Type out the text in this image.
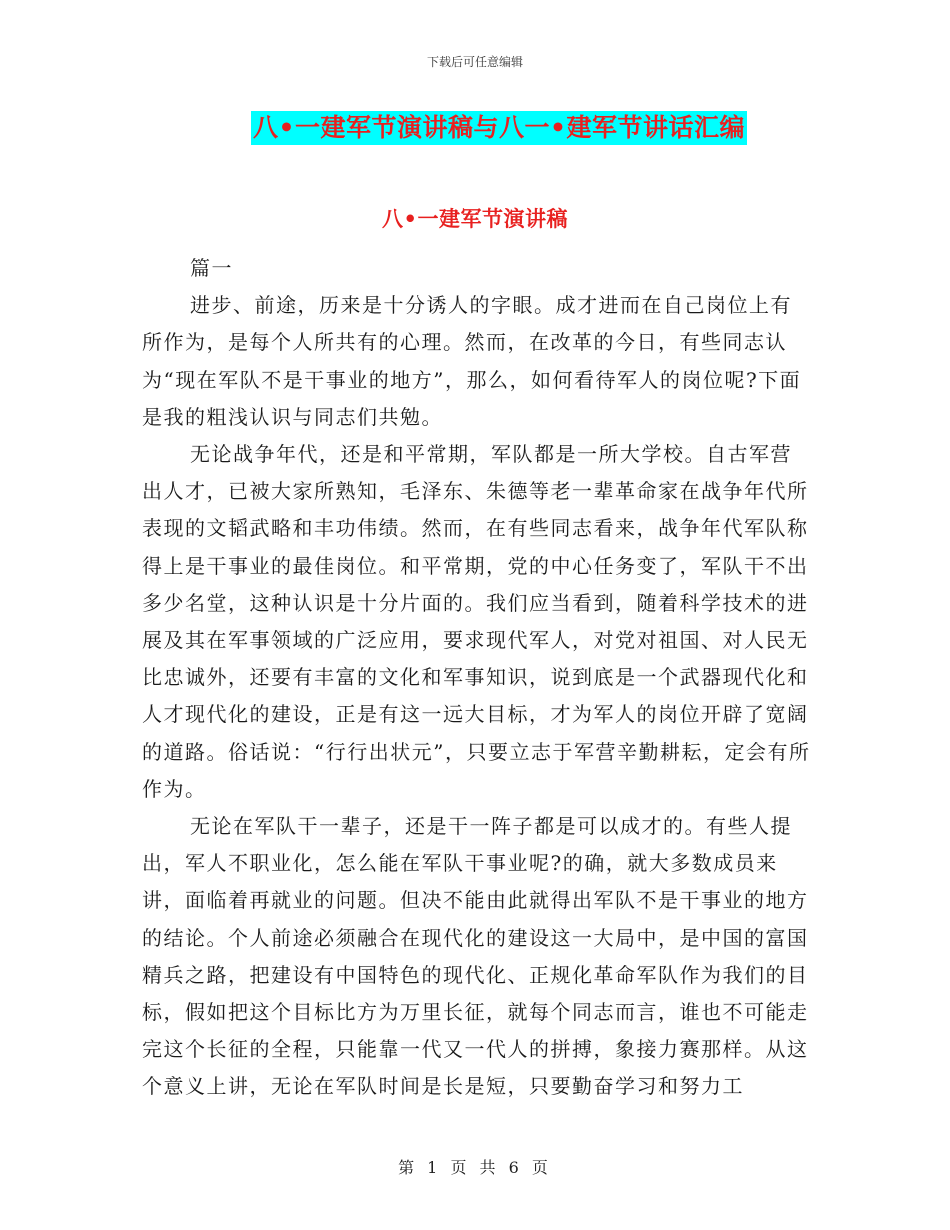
下载后可任意编辑
八•一建军节演讲稿与八一•建军节讲话汇编
八•一建军节演讲稿

篇一

进步、前途，历来是十分诱人的字眼。成才进而在自己岗位上有所作为，是每个人所共有的心理。然而，在改革的今日，有些同志认为“现在军队不是干事业的地方”，那么，如何看待军人的岗位呢?下面是我的粗浅认识与同志们共勉。

无论战争年代，还是和平常期，军队都是一所大学校。自古军营出人才，已被大家所熟知，毛泽东、朱德等老一辈革命家在战争年代所表现的文韬武略和丰功伟绩。然而，在有些同志看来，战争年代军队称得上是干事业的最佳岗位。和平常期，党的中心任务变了，军队干不出多少名堂，这种认识是十分片面的。我们应当看到，随着科学技术的进展及其在军事领域的广泛应用，要求现代军人，对党对祖国、对人民无比忠诚外，还要有丰富的文化和军事知识，说到底是一个武器现代化和人才现代化的建设，正是有这一远大目标，才为军人的岗位开辟了宽阔的道路。俗话说：“行行出状元”，只要立志于军营辛勤耕耘，定会有所作为。

无论在军队干一辈子，还是干一阵子都是可以成才的。有些人提出，军人不职业化，怎么能在军队干事业呢?的确，就大多数成员来讲，面临着再就业的问题。但决不能由此就得出军队不是干事业的地方的结论。个人前途必须融合在现代化的建设这一大局中，是中国的富国精兵之路，把建设有中国特色的现代化、正规化革命军队作为我们的目标，假如把这个目标比方为万里长征，就每个同志而言，谁也不可能走完这个长征的全程，只能靠一代又一代人的拼搏，象接力赛那样。从这个意义上讲，无论在军队时间是长是短，只要勤奋学习和努力工

第 1 页 共 6 页
